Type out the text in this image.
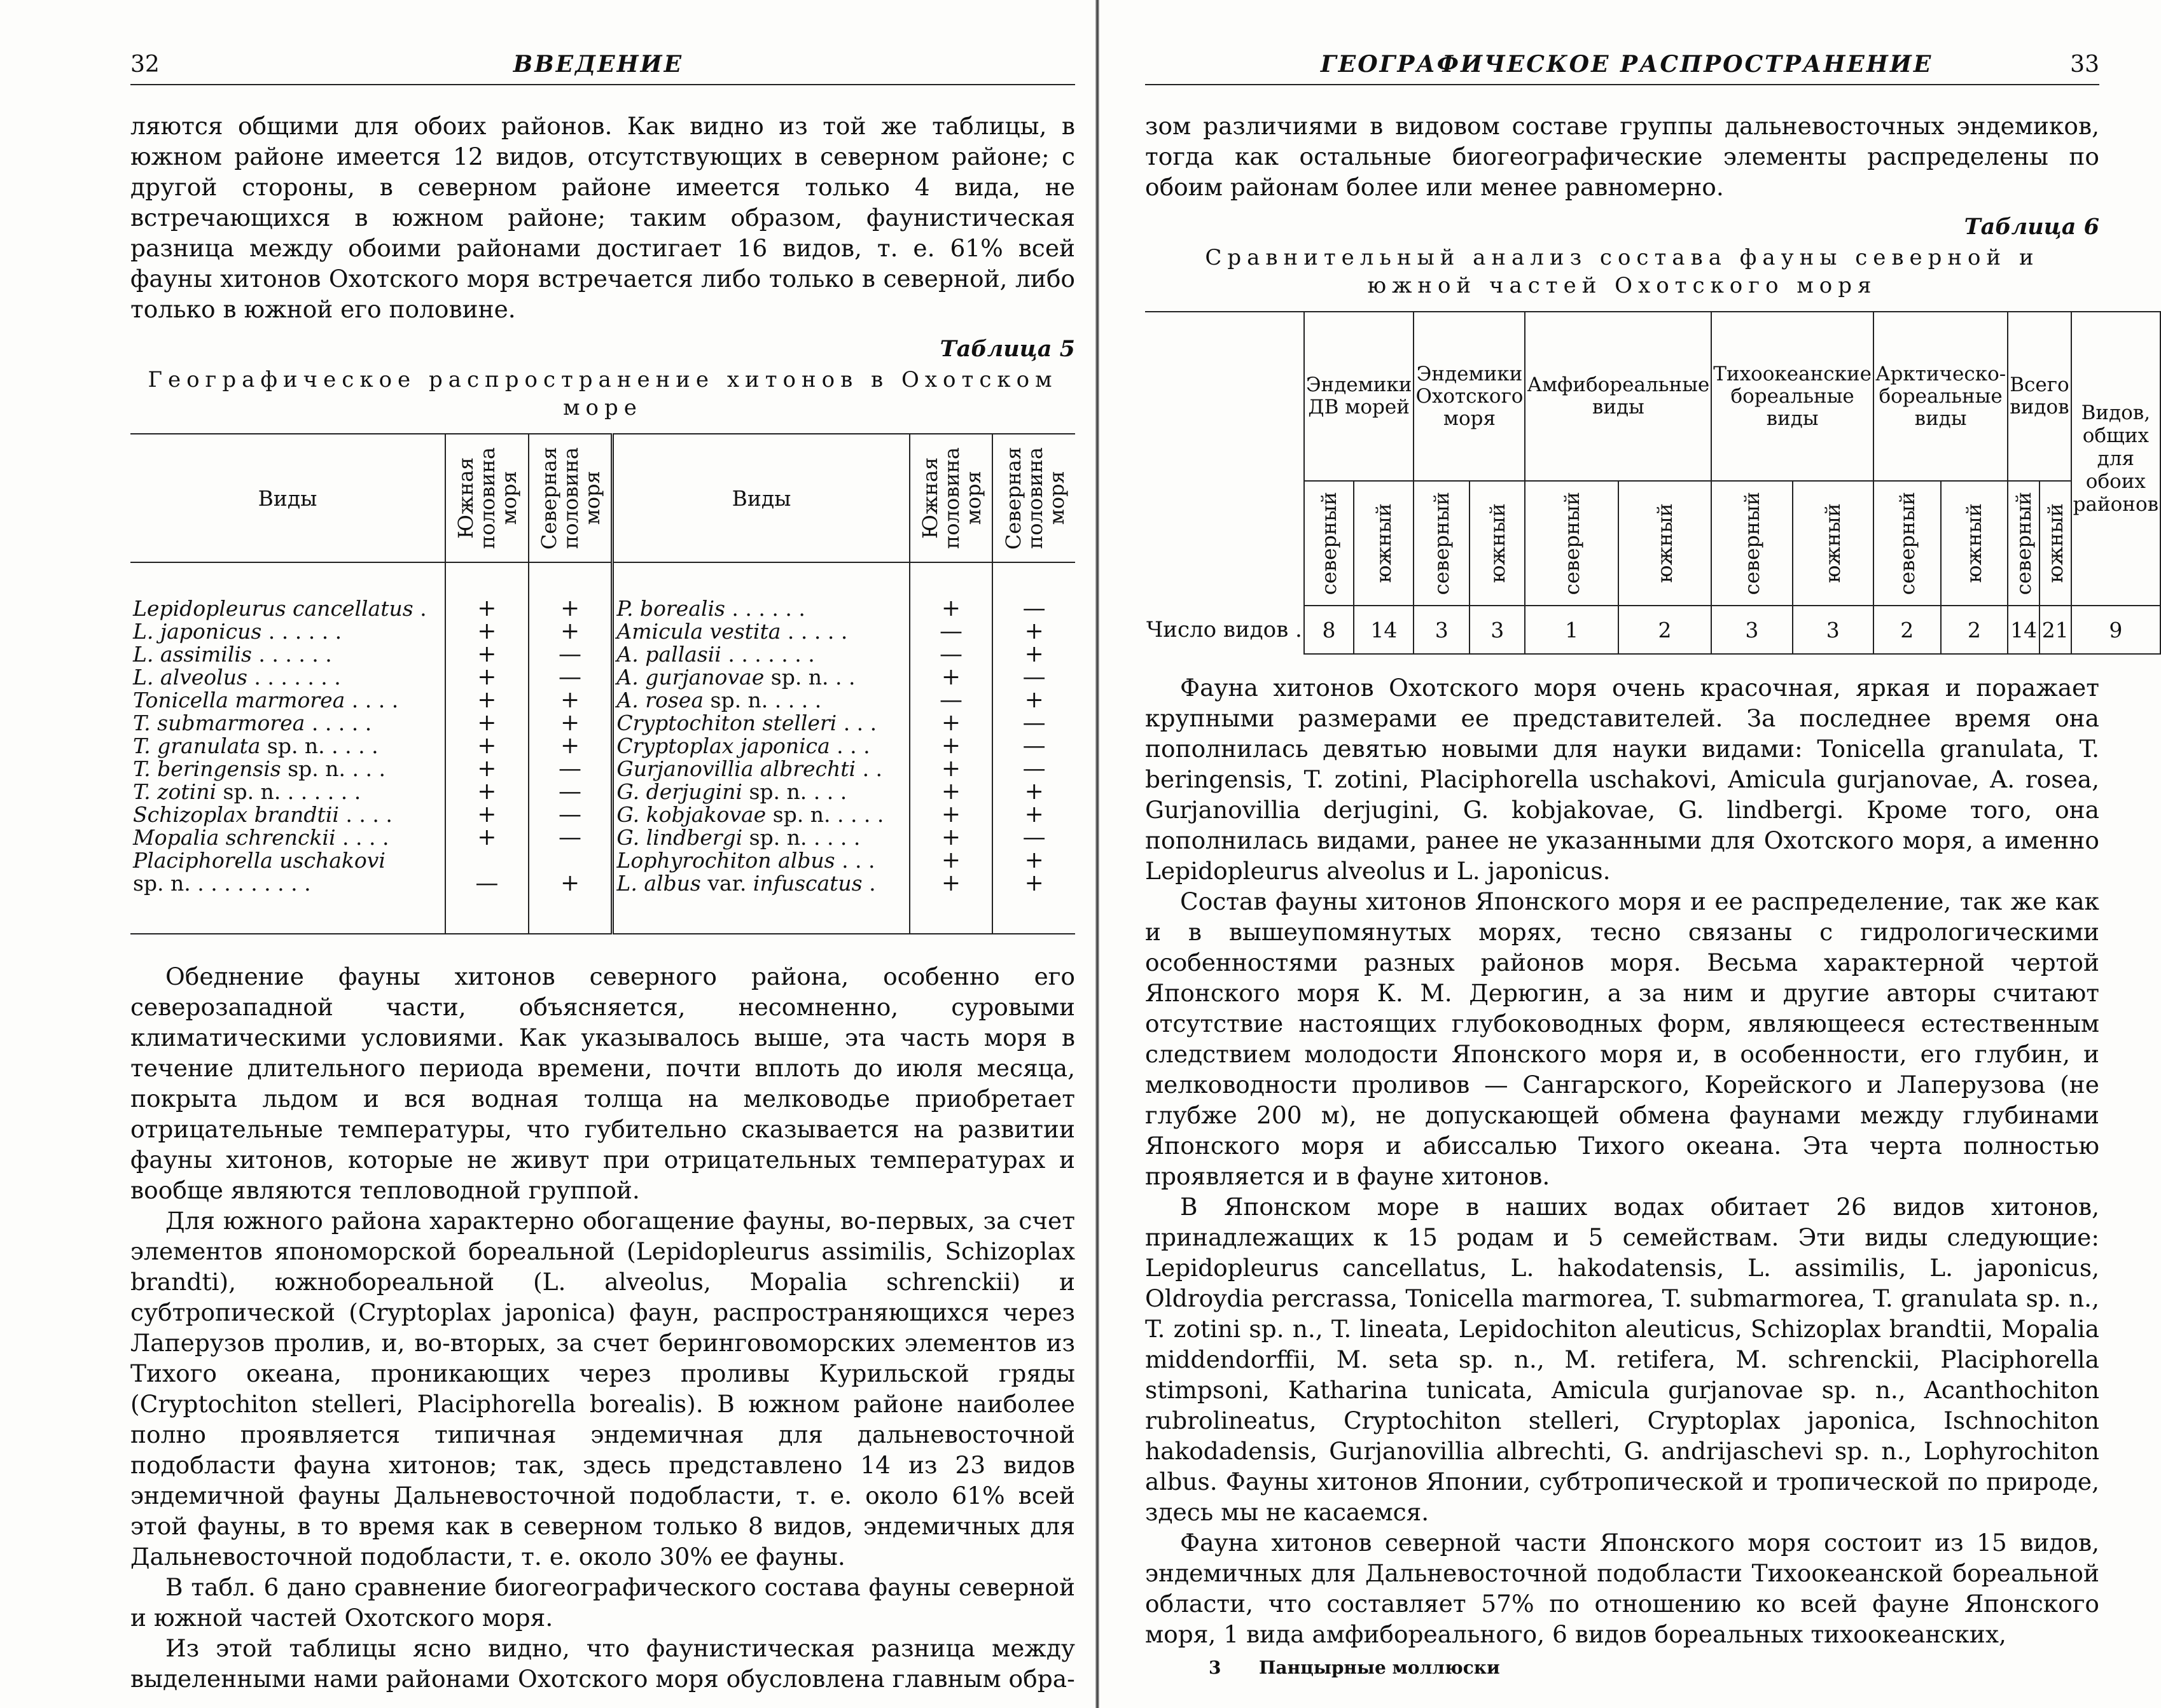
32	ВВЕДЕНИЕ

ляются общими для обоих районов. Как видно из той же таблицы, в южном районе имеется 12 видов, отсутствующих в северном районе; с другой стороны, в северном районе имеется только 4 вида, не встречающихся в южном районе; таким образом, фаунистическая разница между обоими районами достигает 16 видов, т. е. 61% всей фауны хитонов Охотского моря встречается либо только в северной, либо только в южной его половине.

Таблица 5
Географическое распространение хитонов в Охотском море
Виды	Южная половина моря	Северная половина моря	Виды	Южная половина моря	Северная половина моря

Lepidopleurus cancellatus .	+	+	P. borealis . . . . . .	+	—
L. japonicus . . . . . .	+	+	Amicula vestita . . . . .	—	+
L. assimilis . . . . . .	+	—	A. pallasii . . . . . . .	—	+
L. alveolus . . . . . . .	+	—	A. gurjanovae sp. n. . .	+	—
Tonicella marmorea . . . .	+	+	A. rosea sp. n. . . . .	—	+
T. submarmorea . . . . .	+	+	Cryptochiton stelleri . . .	+	—
T. granulata sp. n. . . . .	+	+	Cryptoplax japonica . . .	+	—
T. beringensis sp. n. . . .	+	—	Gurjanovillia albrechti . .	+	—
T. zotini sp. n. . . . . . .	+	—	G. derjugini sp. n. . . .	+	+
Schizoplax brandtii . . . .	+	—	G. kobjakovae sp. n. . . . .	+	+
Mopalia schrenckii . . . .	+	—	G. lindbergi sp. n. . . . .	+	—
Placiphorella uschakovi			Lophyrochiton albus . . .	+	+
sp. n. . . . . . . . . .	—	+	L. albus var. infuscatus .	+	+

Обеднение фауны хитонов северного района, особенно его северозападной части, объясняется, несомненно, суровыми климатическими условиями. Как указывалось выше, эта часть моря в течение длительного периода времени, почти вплоть до июля месяца, покрыта льдом и вся водная толща на мелководье приобретает отрицательные температуры, что губительно сказывается на развитии фауны хитонов, которые не живут при отрицательных температурах и вообще являются тепловодной группой.

Для южного района характерно обогащение фауны, во-первых, за счет элементов япономорской бореальной (Lepidopleurus assimilis, Schizoplax brandti), южнобореальной (L. alveolus, Mopalia schrenckii) и субтропической (Cryptoplax japonica) фаун, распространяющихся через Лаперузов пролив, и, во-вторых, за счет беринговоморских элементов из Тихого океана, проникающих через проливы Курильской гряды (Cryptochiton stelleri, Placiphorella borealis). В южном районе наиболее полно проявляется типичная эндемичная для дальневосточной подобласти фауна хитонов; так, здесь представлено 14 из 23 видов эндемичной фауны Дальневосточной подобласти, т. е. около 61% всей этой фауны, в то время как в северном только 8 видов, эндемичных для Дальневосточной подобласти, т. е. около 30% ее фауны.

В табл. 6 дано сравнение биогеографического состава фауны северной и южной частей Охотского моря.

Из этой таблицы ясно видно, что фаунистическая разница между выделенными нами районами Охотского моря обусловлена главным обра-

ГЕОГРАФИЧЕСКОЕ РАСПРОСТРАНЕНИЕ	33

зом различиями в видовом составе группы дальневосточных эндемиков, тогда как остальные биогеографические элементы распределены по обоим районам более или менее равномерно.

Таблица 6
Сравнительный анализ состава фауны северной и южной частей Охотского моря
	Эндемики ДВ морей		Эндемики Охотского моря		Амфибореальные виды		Тихоокеанские бореальные виды		Арктическо-бореальные виды		Всего видов		Видов, общих для обоих районов

	северный	южный	северный	южный	северный	южный	северный	южный	северный	южный	северный	южный	

Число видов .	8	14	3	3	1	2	3	3	2	2	14	21	9

Фауна хитонов Охотского моря очень красочная, яркая и поражает крупными размерами ее представителей. За последнее время она пополнилась девятью новыми для науки видами: Tonicella granulata, T. beringensis, T. zotini, Placiphorella uschakovi, Amicula gurjanovae, A. rosea, Gurjanovillia derjugini, G. kobjakovae, G. lindbergi. Кроме того, она пополнилась видами, ранее не указанными для Охотского моря, а именно Lepidopleurus alveolus и L. japonicus.

Состав фауны хитонов Японского моря и ее распределение, так же как и в вышеупомянутых морях, тесно связаны с гидрологическими особенностями разных районов моря. Весьма характерной чертой Японского моря К. М. Дерюгин, а за ним и другие авторы считают отсутствие настоящих глубоководных форм, являющееся естественным следствием молодости Японского моря и, в особенности, его глубин, и мелководности проливов — Сангарского, Корейского и Лаперузова (не глубже 200 м), не допускающей обмена фаунами между глубинами Японского моря и абиссалью Тихого океана. Эта черта полностью проявляется и в фауне хитонов.

В Японском море в наших водах обитает 26 видов хитонов, принадлежащих к 15 родам и 5 семействам. Эти виды следующие: Lepidopleurus cancellatus, L. hakodatensis, L. assimilis, L. japonicus, Oldroydia percrassa, Tonicella marmorea, T. submarmorea, T. granulata sp. n., T. zotini sp. n., T. lineata, Lepidochiton aleuticus, Schizoplax brandtii, Mopalia middendorffii, M. seta sp. n., M. retifera, M. schrenckii, Placiphorella stimpsoni, Katharina tunicata, Amicula gurjanovae sp. n., Acanthochiton rubrolineatus, Cryptochiton stelleri, Cryptoplax japonica, Ischnochiton hakodadensis, Gurjanovillia albrechti, G. andrijaschevi sp. n., Lophyrochiton albus. Фауны хитонов Японии, субтропической и тропической по природе, здесь мы не касаемся.

Фауна хитонов северной части Японского моря состоит из 15 видов, эндемичных для Дальневосточной подобласти Тихоокеанской бореальной области, что составляет 57% по отношению ко всей фауне Японского моря, 1 вида амфибореального, 6 видов бореальных тихоокеанских,

3 Панцырные моллюски
